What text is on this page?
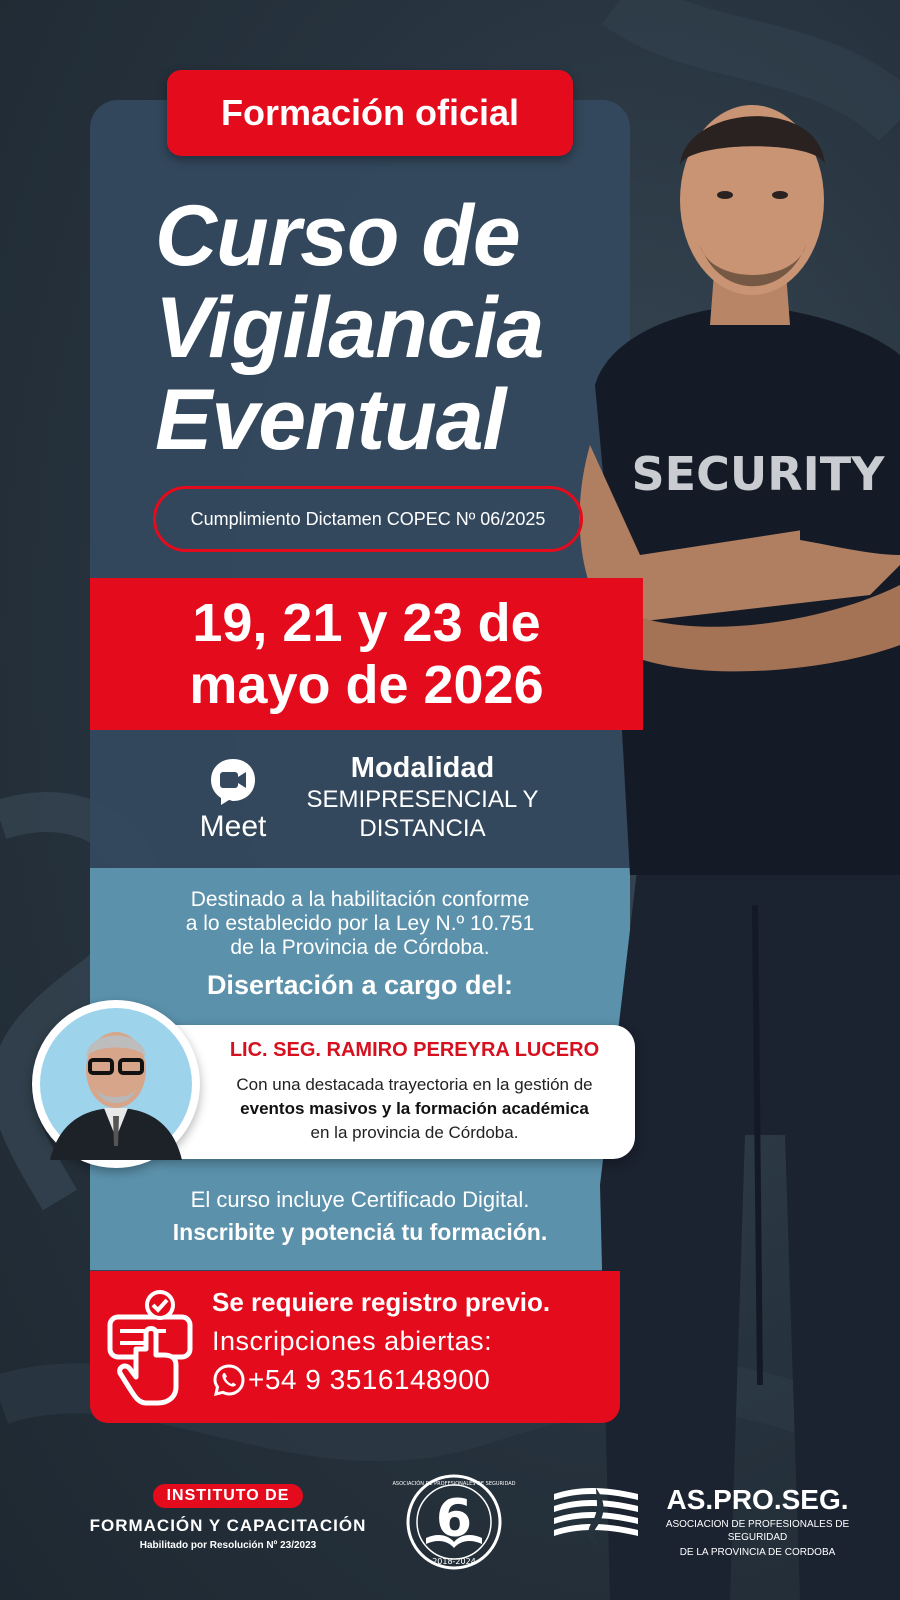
SECURITY
Formación oficial
Curso de
Vigilancia
Eventual
Cumplimiento Dictamen COPEC Nº 06/2025
19, 21 y 23 de
mayo de 2026
Meet
Modalidad
SEMIPRESENCIAL Y
DISTANCIA
Destinado a la habilitación conforme
a lo establecido por la Ley N.º 10.751
de la Provincia de Córdoba.
Disertación a cargo del:
LIC. SEG. RAMIRO PEREYRA LUCERO
Con una destacada trayectoria en la gestión de
eventos masivos y la formación académica
en la provincia de Córdoba.
El curso incluye Certificado Digital.
Inscribite y potenciá tu formación.
Se requiere registro previo.
Inscripciones abiertas:
+54 9 3516148900
INSTITUTO DE
FORMACIÓN Y CAPACITACIÓN
Habilitado por Resolución Nº 23/2023
ASOCIACIÓN DE PROFESIONALES DE SEGURIDAD
6
2018-2024
AS.PRO.SEG.
ASOCIACION DE PROFESIONALES DE SEGURIDAD
DE LA PROVINCIA DE CORDOBA
